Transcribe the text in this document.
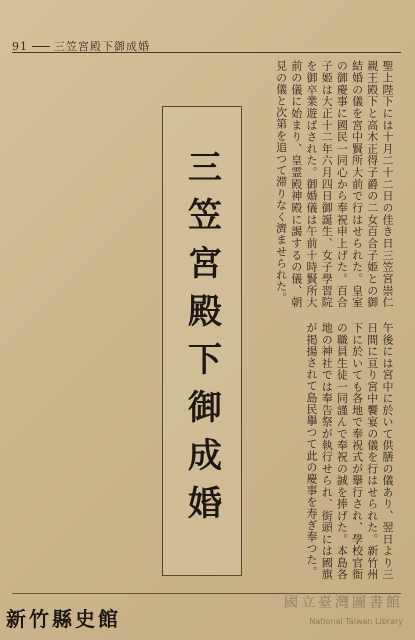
91 三笠宮殿下御成婚

聖上陛下には十月二十二日の佳き日三笠宮崇仁親王殿下と高木正得子爵の二女百合子姫との御結婚の儀を宮中賢所大前で行はせられた。皇室の御慶事に國民一同心から奉祝申上げた。百合子姫は大正十二年六月四日御誕生、女子學習院を御卒業遊ばされた。御婚儀は午前十時賢所大前の儀に始まり、皇霊殿神殿に謁するの儀、朝見の儀と次第を追つて滞りなく濟ませられた。

午後には宮中に於いて供膳の儀あり、翌日より三日間に亘り宮中饗宴の儀を行はせられた。新竹州下に於いても各地で奉祝式が擧行され、學校官衙の職員生徒一同謹んで奉祝の誠を捧げた。本島各地の神社では奉告祭が執行せられ、街頭には國旗が掲揚されて島民擧つて此の慶事を寿ぎ奉つた。

三笠宮殿下御成婚
新竹縣史館
國立臺灣圖書館
National Taiwan Library
